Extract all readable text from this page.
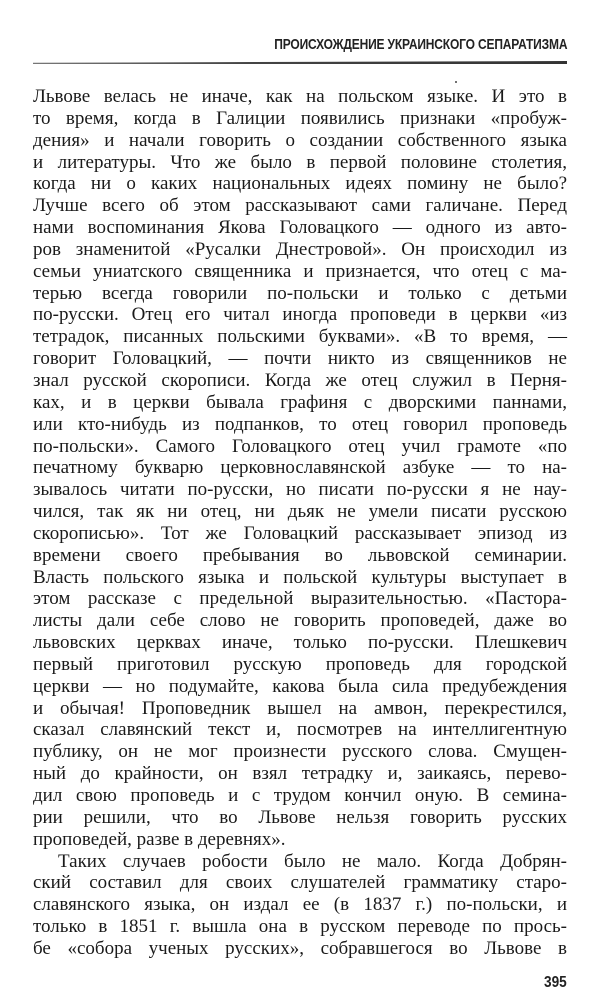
ПРОИСХОЖДЕНИЕ УКРАИНСКОГО СЕПАРАТИЗМА
Львове велась не иначе, как на польском языке. И это в
то время, когда в Галиции появились признаки «пробуж-
дения» и начали говорить о создании собственного языка
и литературы. Что же было в первой половине столетия,
когда ни о каких национальных идеях помину не было?
Лучше всего об этом рассказывают сами галичане. Перед
нами воспоминания Якова Головацкого — одного из авто-
ров знаменитой «Русалки Днестровой». Он происходил из
семьи униатского священника и признается, что отец с ма-
терью всегда говорили по-польски и только с детьми
по-русски. Отец его читал иногда проповеди в церкви «из
тетрадок, писанных польскими буквами». «В то время, —
говорит Головацкий, — почти никто из священников не
знал русской скорописи. Когда же отец служил в Перня-
ках, и в церкви бывала графиня с дворскими паннами,
или кто-нибудь из подпанков, то отец говорил проповедь
по-польски». Самого Головацкого отец учил грамоте «по
печатному букварю церковнославянской азбуке — то на-
зывалось читати по-русски, но писати по-русски я не нау-
чился, так як ни отец, ни дьяк не умели писати русскою
скорописью». Тот же Головацкий рассказывает эпизод из
времени своего пребывания во львовской семинарии.
Власть польского языка и польской культуры выступает в
этом рассказе с предельной выразительностью. «Пастора-
листы дали себе слово не говорить проповедей, даже во
львовских церквах иначе, только по-русски. Плешкевич
первый приготовил русскую проповедь для городской
церкви — но подумайте, какова была сила предубеждения
и обычая! Проповедник вышел на амвон, перекрестился,
сказал славянский текст и, посмотрев на интеллигентную
публику, он не мог произнести русского слова. Смущен-
ный до крайности, он взял тетрадку и, заикаясь, перево-
дил свою проповедь и с трудом кончил оную. В семина-
рии решили, что во Львове нельзя говорить русских
проповедей, разве в деревнях».
Таких случаев робости было не мало. Когда Добрян-
ский составил для своих слушателей грамматику старо-
славянского языка, он издал ее (в 1837 г.) по-польски, и
только в 1851 г. вышла она в русском переводе по прось-
бе «собора ученых русских», собравшегося во Львове в
395
